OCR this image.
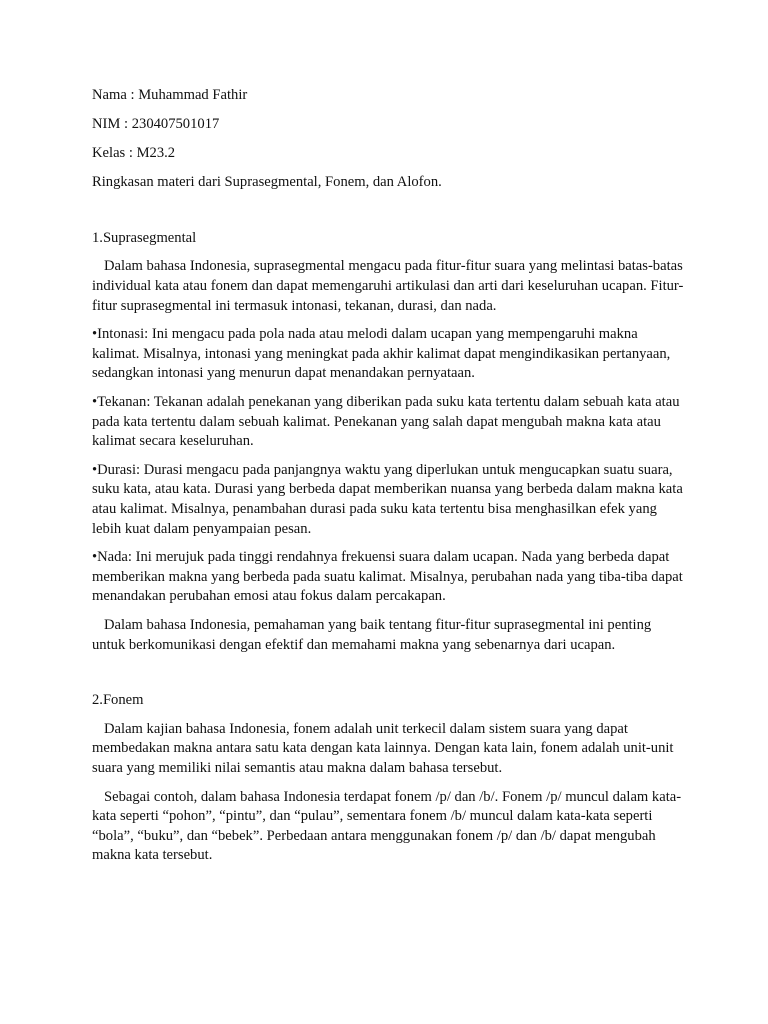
Nama : Muhammad Fathir

NIM : 230407501017

Kelas : M23.2

Ringkasan materi dari Suprasegmental, Fonem, dan Alofon.

1.Suprasegmental

Dalam bahasa Indonesia, suprasegmental mengacu pada fitur-fitur suara yang melintasi batas-batas individual kata atau fonem dan dapat memengaruhi artikulasi dan arti dari keseluruhan ucapan. Fitur-fitur suprasegmental ini termasuk intonasi, tekanan, durasi, dan nada.

•Intonasi: Ini mengacu pada pola nada atau melodi dalam ucapan yang mempengaruhi makna kalimat. Misalnya, intonasi yang meningkat pada akhir kalimat dapat mengindikasikan pertanyaan, sedangkan intonasi yang menurun dapat menandakan pernyataan.

•Tekanan: Tekanan adalah penekanan yang diberikan pada suku kata tertentu dalam sebuah kata atau pada kata tertentu dalam sebuah kalimat. Penekanan yang salah dapat mengubah makna kata atau kalimat secara keseluruhan.

•Durasi: Durasi mengacu pada panjangnya waktu yang diperlukan untuk mengucapkan suatu suara, suku kata, atau kata. Durasi yang berbeda dapat memberikan nuansa yang berbeda dalam makna kata atau kalimat. Misalnya, penambahan durasi pada suku kata tertentu bisa menghasilkan efek yang lebih kuat dalam penyampaian pesan.

•Nada: Ini merujuk pada tinggi rendahnya frekuensi suara dalam ucapan. Nada yang berbeda dapat memberikan makna yang berbeda pada suatu kalimat. Misalnya, perubahan nada yang tiba-tiba dapat menandakan perubahan emosi atau fokus dalam percakapan.

Dalam bahasa Indonesia, pemahaman yang baik tentang fitur-fitur suprasegmental ini penting untuk berkomunikasi dengan efektif dan memahami makna yang sebenarnya dari ucapan.

2.Fonem

Dalam kajian bahasa Indonesia, fonem adalah unit terkecil dalam sistem suara yang dapat membedakan makna antara satu kata dengan kata lainnya. Dengan kata lain, fonem adalah unit-unit suara yang memiliki nilai semantis atau makna dalam bahasa tersebut.

Sebagai contoh, dalam bahasa Indonesia terdapat fonem /p/ dan /b/. Fonem /p/ muncul dalam kata-kata seperti “pohon”, “pintu”, dan “pulau”, sementara fonem /b/ muncul dalam kata-kata seperti “bola”, “buku”, dan “bebek”. Perbedaan antara menggunakan fonem /p/ dan /b/ dapat mengubah makna kata tersebut.
